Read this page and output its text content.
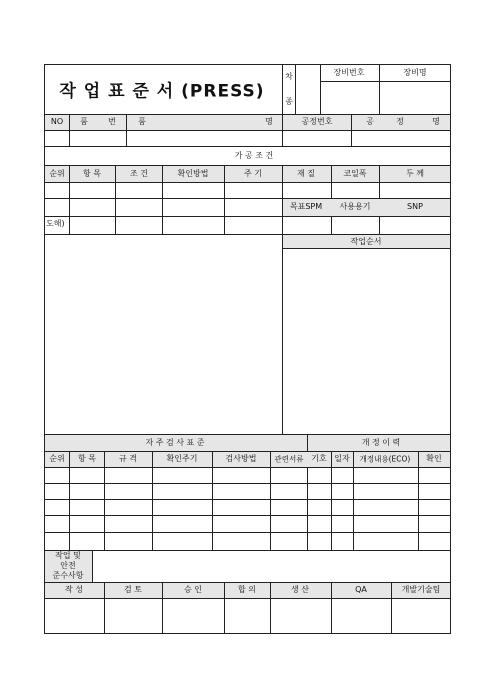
작 업 표 준 서 (PRESS)
차
종
장비번호	장비명
NO 품	번	품	명	공정번호	공	정	명
가 공 조 건
순위 항 목	조 건	확인방법	주 기	재 질	코일폭	두 께
목표SPM 사용용기	SNP
도해)
작업순서
자 주 검 사 표 준	개 정 이 력
순위 항 목	규 격	확인주기	검사방법 관련서류 기호 일자 개정내용(ECO) 확인
작업 및
안전
준수사항
작 성	검 토	승 인	합 의	생 산	QA	개발기술팀
